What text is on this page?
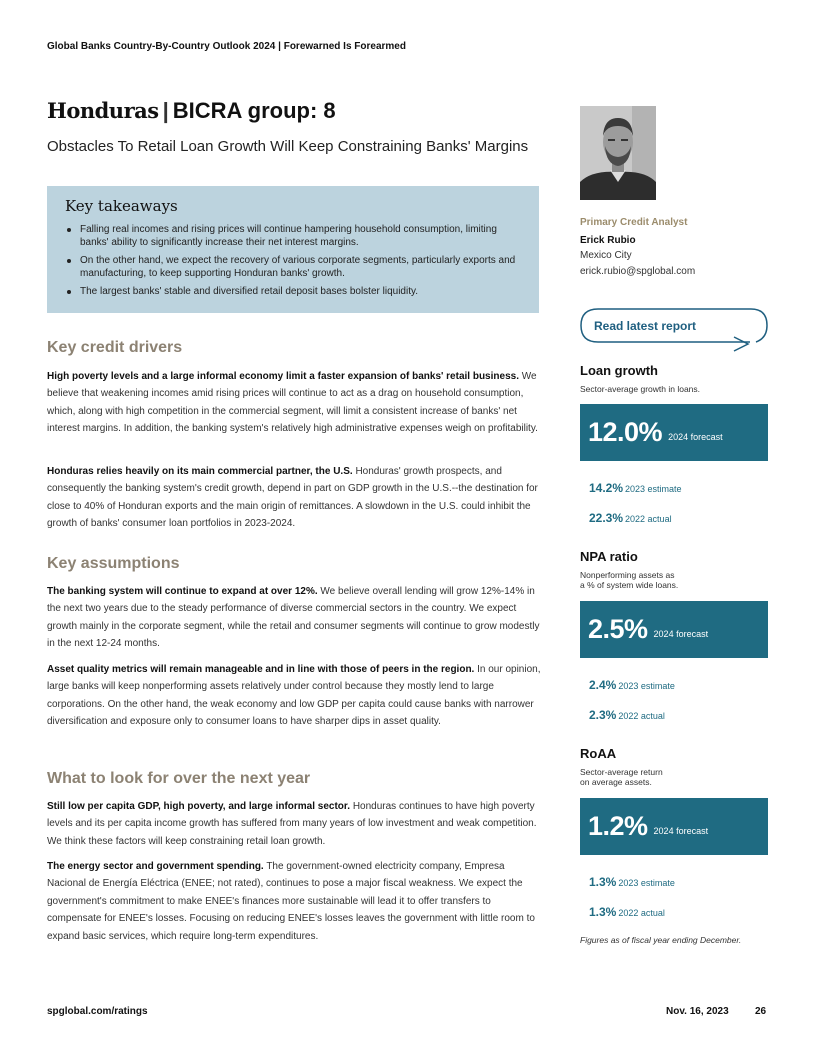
Global Banks Country-By-Country Outlook 2024 | Forewarned Is Forearmed
Honduras | BICRA group: 8
Obstacles To Retail Loan Growth Will Keep Constraining Banks' Margins
Key takeaways
Falling real incomes and rising prices will continue hampering household consumption, limiting banks' ability to significantly increase their net interest margins.
On the other hand, we expect the recovery of various corporate segments, particularly exports and manufacturing, to keep supporting Honduran banks' growth.
The largest banks' stable and diversified retail deposit bases bolster liquidity.
Key credit drivers

High poverty levels and a large informal economy limit a faster expansion of banks' retail business. We believe that weakening incomes amid rising prices will continue to act as a drag on household consumption, which, along with high competition in the commercial segment, will limit a consistent increase of banks' net interest margins. In addition, the banking system's relatively high administrative expenses weigh on profitability.

Honduras relies heavily on its main commercial partner, the U.S. Honduras' growth prospects, and consequently the banking system's credit growth, depend in part on GDP growth in the U.S.--the destination for close to 40% of Honduran exports and the main origin of remittances. A slowdown in the U.S. could inhibit the growth of banks' consumer loan portfolios in 2023-2024.

Key assumptions

The banking system will continue to expand at over 12%. We believe overall lending will grow 12%-14% in the next two years due to the steady performance of diverse commercial sectors in the country. We expect growth mainly in the corporate segment, while the retail and consumer segments will continue to grow modestly in the next 12-24 months.

Asset quality metrics will remain manageable and in line with those of peers in the region. In our opinion, large banks will keep nonperforming assets relatively under control because they mostly lend to large corporations. On the other hand, the weak economy and low GDP per capita could cause banks with narrower diversification and exposure only to consumer loans to have sharper dips in asset quality.

What to look for over the next year

Still low per capita GDP, high poverty, and large informal sector. Honduras continues to have high poverty levels and its per capita income growth has suffered from many years of low investment and weak competition. We think these factors will keep constraining retail loan growth.

The energy sector and government spending. The government-owned electricity company, Empresa Nacional de Energía Eléctrica (ENEE; not rated), continues to pose a major fiscal weakness. We expect the government's commitment to make ENEE's finances more sustainable will lead it to offer transfers to compensate for ENEE's losses. Focusing on reducing ENEE's losses leaves the government with little room to expand basic services, which require long-term expenditures.

Primary Credit Analyst
Erick Rubio
Mexico City
erick.rubio@spglobal.com
Read latest report
Loan growth
Sector-average growth in loans.
12.0% 2024 forecast
14.2% 2023 estimate
22.3% 2022 actual
NPA ratio
Nonperforming assets as
a % of system wide loans.
2.5% 2024 forecast
2.4% 2023 estimate
2.3% 2022 actual
RoAA
Sector-average return
on average assets.
1.2% 2024 forecast
1.3% 2023 estimate
1.3% 2022 actual
Figures as of fiscal year ending December.
spglobal.com/ratings	Nov. 16, 2023	26
